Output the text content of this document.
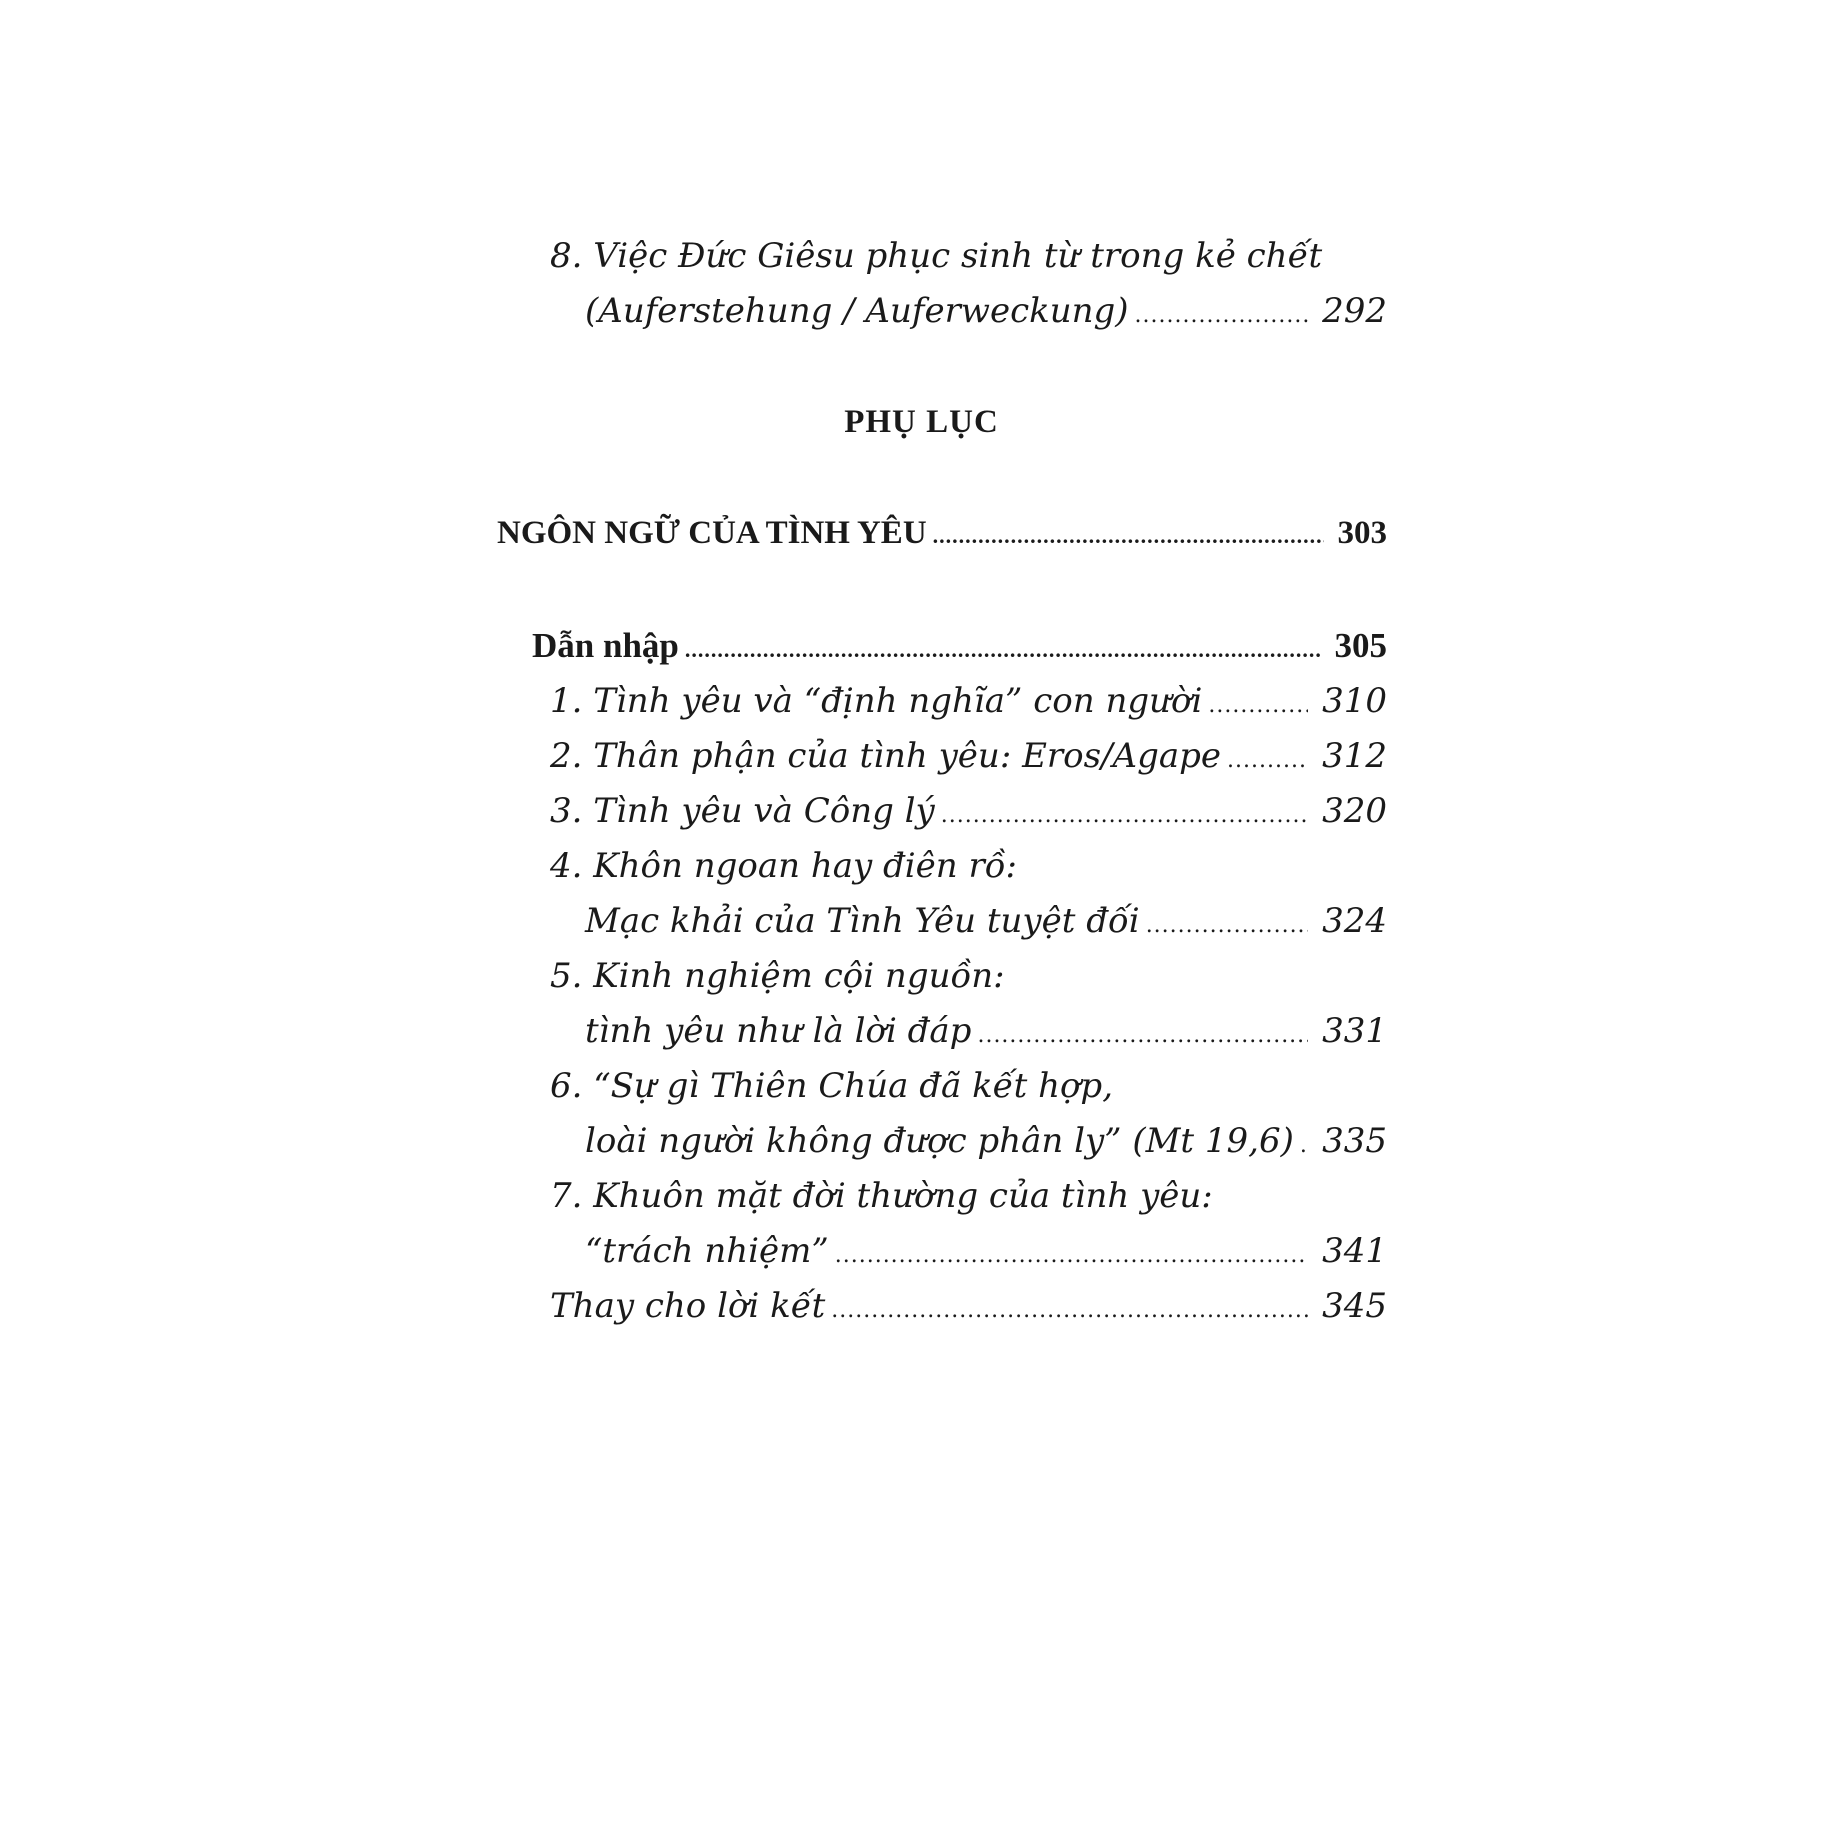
8. Việc Đức Giêsu phục sinh từ trong kẻ chết
(Auferstehung / Auferweckung) .....	292
PHỤ LỤC
NGÔN NGỮ CỦA TÌNH YÊU .....	303
Dẫn nhập .....	305
1. Tình yêu và “định nghĩa” con người .....	310
2. Thân phận của tình yêu: Eros/Agape .....	312
3. Tình yêu và Công lý .....	320
4. Khôn ngoan hay điên rồ:
Mạc khải của Tình Yêu tuyệt đối .....	324
5. Kinh nghiệm cội nguồn:
tình yêu như là lời đáp .....	331
6. “Sự gì Thiên Chúa đã kết hợp,
loài người không được phân ly” (Mt 19,6) ..... 335
7. Khuôn mặt đời thường của tình yêu:
“trách nhiệm” .....	341
Thay cho lời kết .....	345
